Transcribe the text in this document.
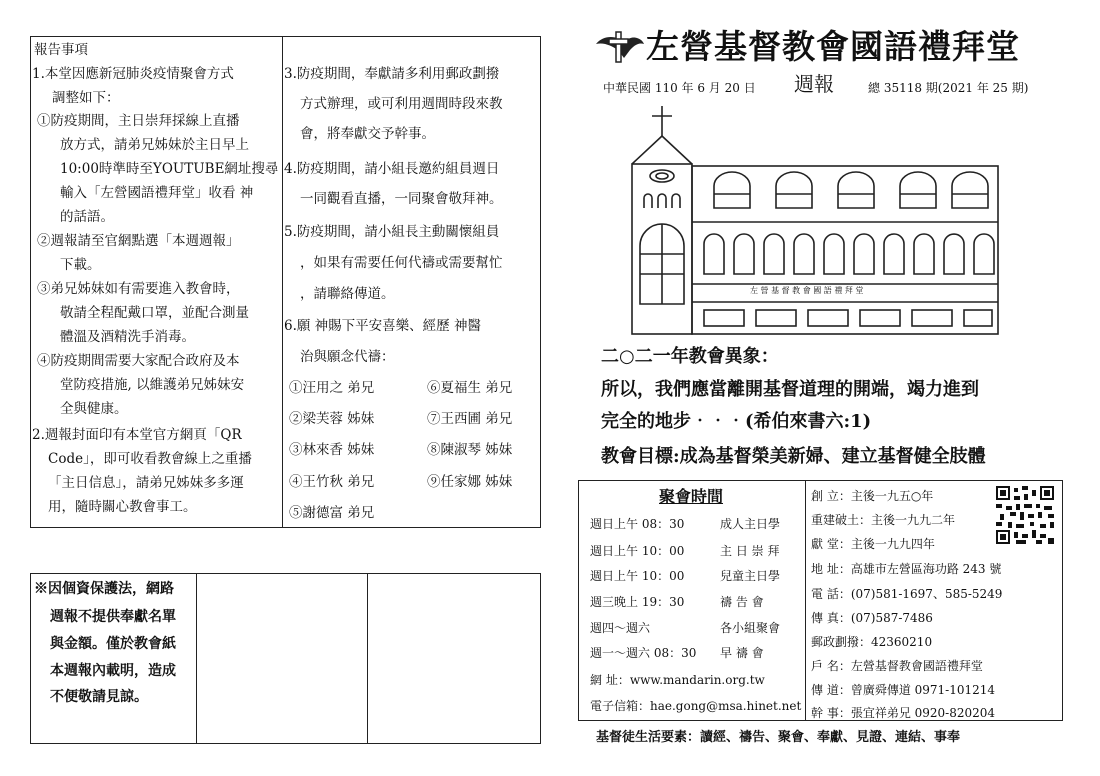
報告事項
1.本堂因應新冠肺炎疫情聚會方式
調整如下：
①防疫期間，主日崇拜採線上直播
放方式，請弟兄姊妹於主日早上
10:00時準時至YOUTUBE網址搜尋
輸入「左營國語禮拜堂」收看 神
的話語。
②週報請至官網點選「本週週報」
下載。
③弟兄姊妹如有需要進入教會時，
敬請全程配戴口罩，並配合測量
體溫及酒精洗手消毒。
④防疫期間需要大家配合政府及本
堂防疫措施, 以維護弟兄姊妹安
全與健康。
2.週報封面印有本堂官方網頁「QR
Code」，即可收看教會線上之重播
「主日信息」，請弟兄姊妹多多運
用，隨時關心教會事工。
3.防疫期間，奉獻請多利用郵政劃撥
方式辦理，或可利用週間時段來教
會，將奉獻交予幹事。
4.防疫期間，請小組長邀約組員週日
一同觀看直播，一同聚會敬拜神。
5.防疫期間，請小組長主動關懷組員
，如果有需要任何代禱或需要幫忙
，請聯絡傳道。
6.願 神賜下平安喜樂、經歷 神醫
治與願念代禱：
①汪用之 弟兄	⑥夏福生 弟兄
②梁芙蓉 姊妹	⑦王西圃 弟兄
③林來香 姊妹	⑧陳淑琴 姊妹
④王竹秋 弟兄	⑨任家娜 姊妹
⑤謝德富 弟兄
※因個資保護法，網路
週報不提供奉獻名單
與金額。僅於教會紙
本週報內載明，造成
不便敬請見諒。
左營基督教會國語禮拜堂
中華民國 110 年 6 月 20 日 週報	總 35118 期(2021 年 25 期)
左 營 基 督 教 會 國 語 禮 拜 堂
二○二一年教會異象：
所以，我們應當離開基督道理的開端，竭力進到
完全的地步‧‧‧(希伯來書六:1)
教會目標:成為基督榮美新婦、建立基督健全肢體
聚會時間
週日上午 08：30	成人主日學
週日上午 10：00	主 日 崇 拜
週日上午 10：00	兒童主日學
週三晚上 19：30	禱 告 會
週四～週六	各小組聚會
週一～週六 08：30 早 禱 會
網 址：www.mandarin.org.tw
電子信箱：hae.gong@msa.hinet.net
創 立：主後一九五○年
重建破土：主後一九九二年
獻 堂：主後一九九四年
地 址：高雄市左營區海功路 243 號
電 話：(07)581-1697、585-5249
傳 真：(07)587-7486
郵政劃撥：42360210
戶 名：左營基督教會國語禮拜堂
傳 道：曾廣舜傳道 0971-101214
幹 事：張宜祥弟兄 0920-820204
基督徒生活要素：讀經、禱告、聚會、奉獻、見證、連結、事奉
